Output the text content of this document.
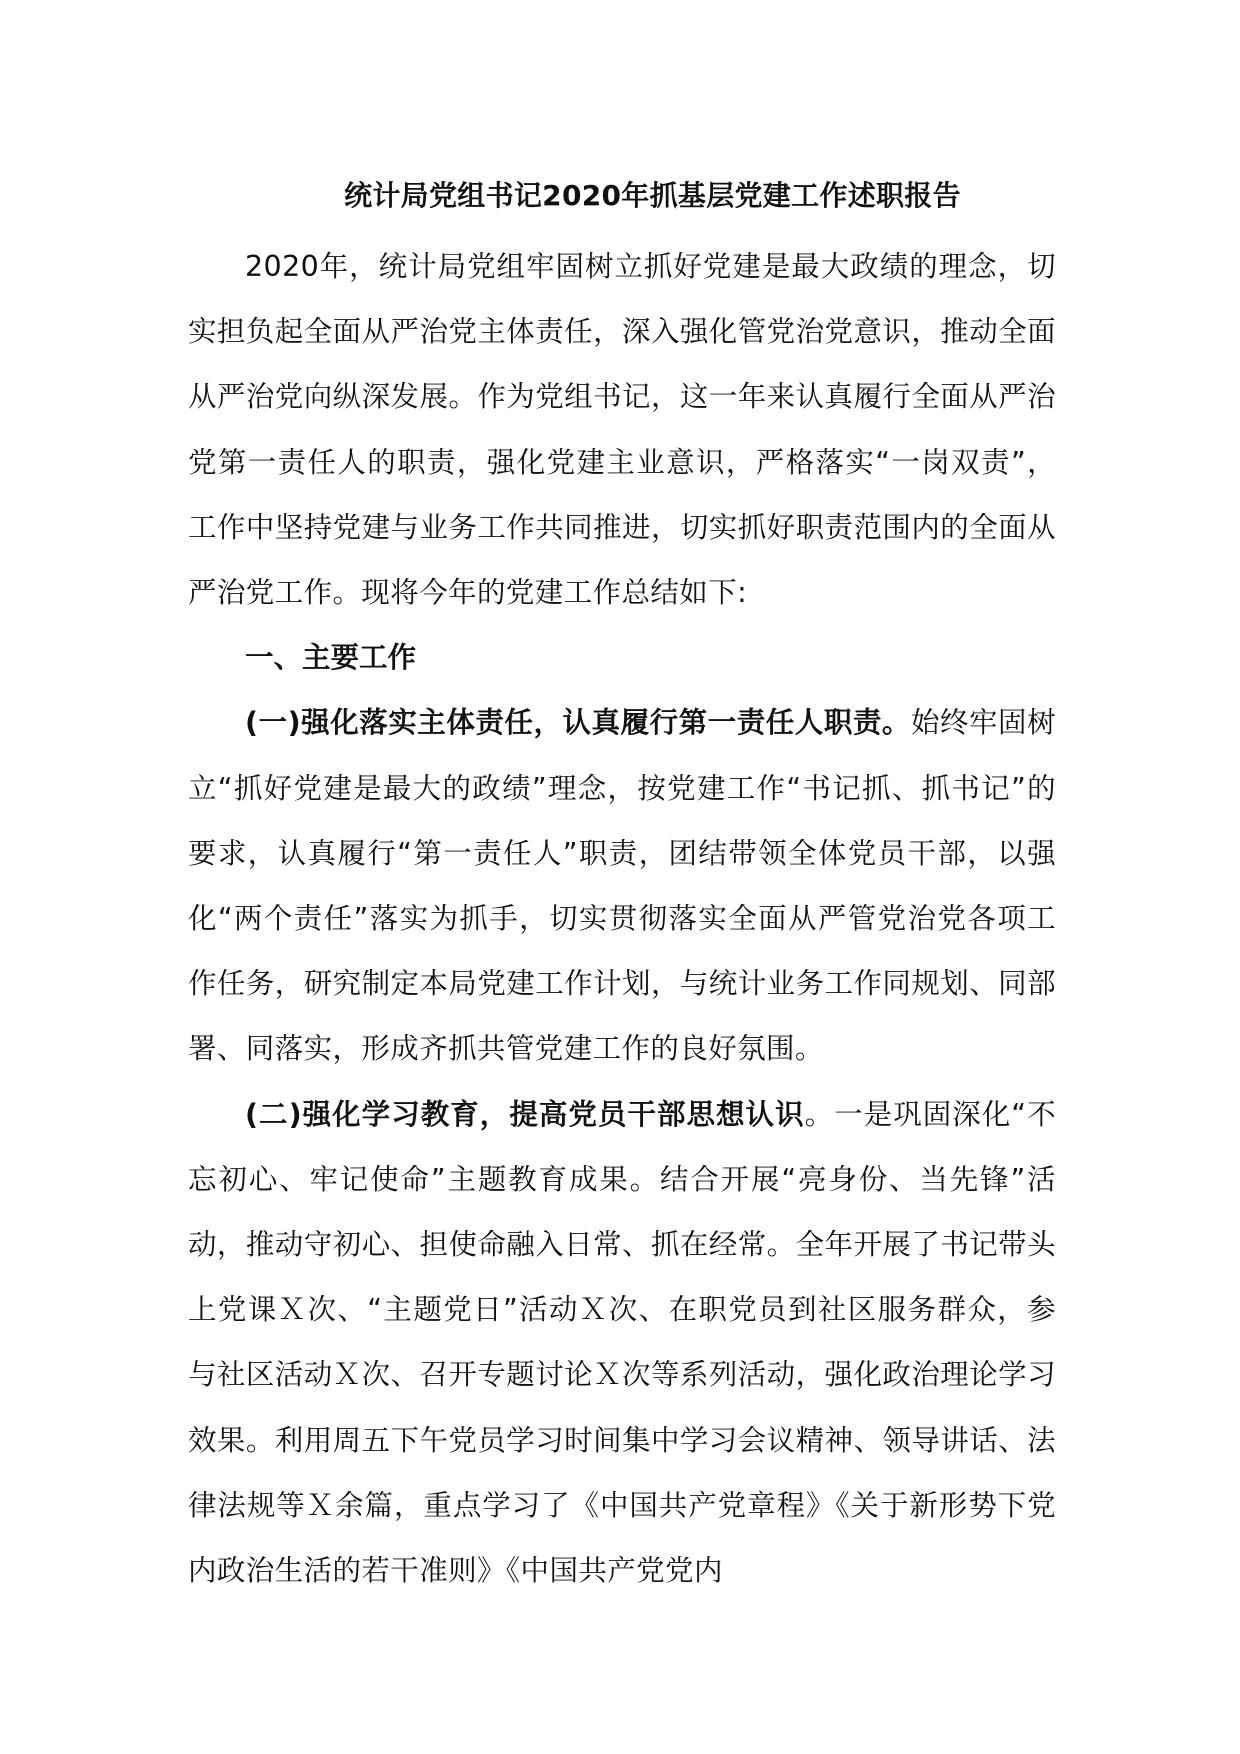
统计局党组书记2020年抓基层党建工作述职报告

2020年，统计局党组牢固树立抓好党建是最大政绩的理念，切实担负起全面从严治党主体责任，深入强化管党治党意识，推动全面从严治党向纵深发展。作为党组书记，这一年来认真履行全面从严治党第一责任人的职责，强化党建主业意识，严格落实“一岗双责”，工作中坚持党建与业务工作共同推进，切实抓好职责范围内的全面从严治党工作。现将今年的党建工作总结如下:

一、主要工作

(一)强化落实主体责任，认真履行第一责任人职责。始终牢固树立“抓好党建是最大的政绩”理念，按党建工作“书记抓、抓书记”的要求，认真履行“第一责任人”职责，团结带领全体党员干部，以强化“两个责任”落实为抓手，切实贯彻落实全面从严管党治党各项工作任务，研究制定本局党建工作计划，与统计业务工作同规划、同部署、同落实，形成齐抓共管党建工作的良好氛围。

(二)强化学习教育，提高党员干部思想认识。一是巩固深化“不忘初心、牢记使命”主题教育成果。结合开展“亮身份、当先锋”活动，推动守初心、担使命融入日常、抓在经常。全年开展了书记带头上党课Ｘ次、“主题党日”活动Ｘ次、在职党员到社区服务群众，参与社区活动Ｘ次、召开专题讨论Ｘ次等系列活动，强化政治理论学习效果。利用周五下午党员学习时间集中学习会议精神、领导讲话、法律法规等Ｘ余篇，重点学习了《中国共产党章程》《关于新形势下党内政治生活的若干准则》《中国共产党党内
